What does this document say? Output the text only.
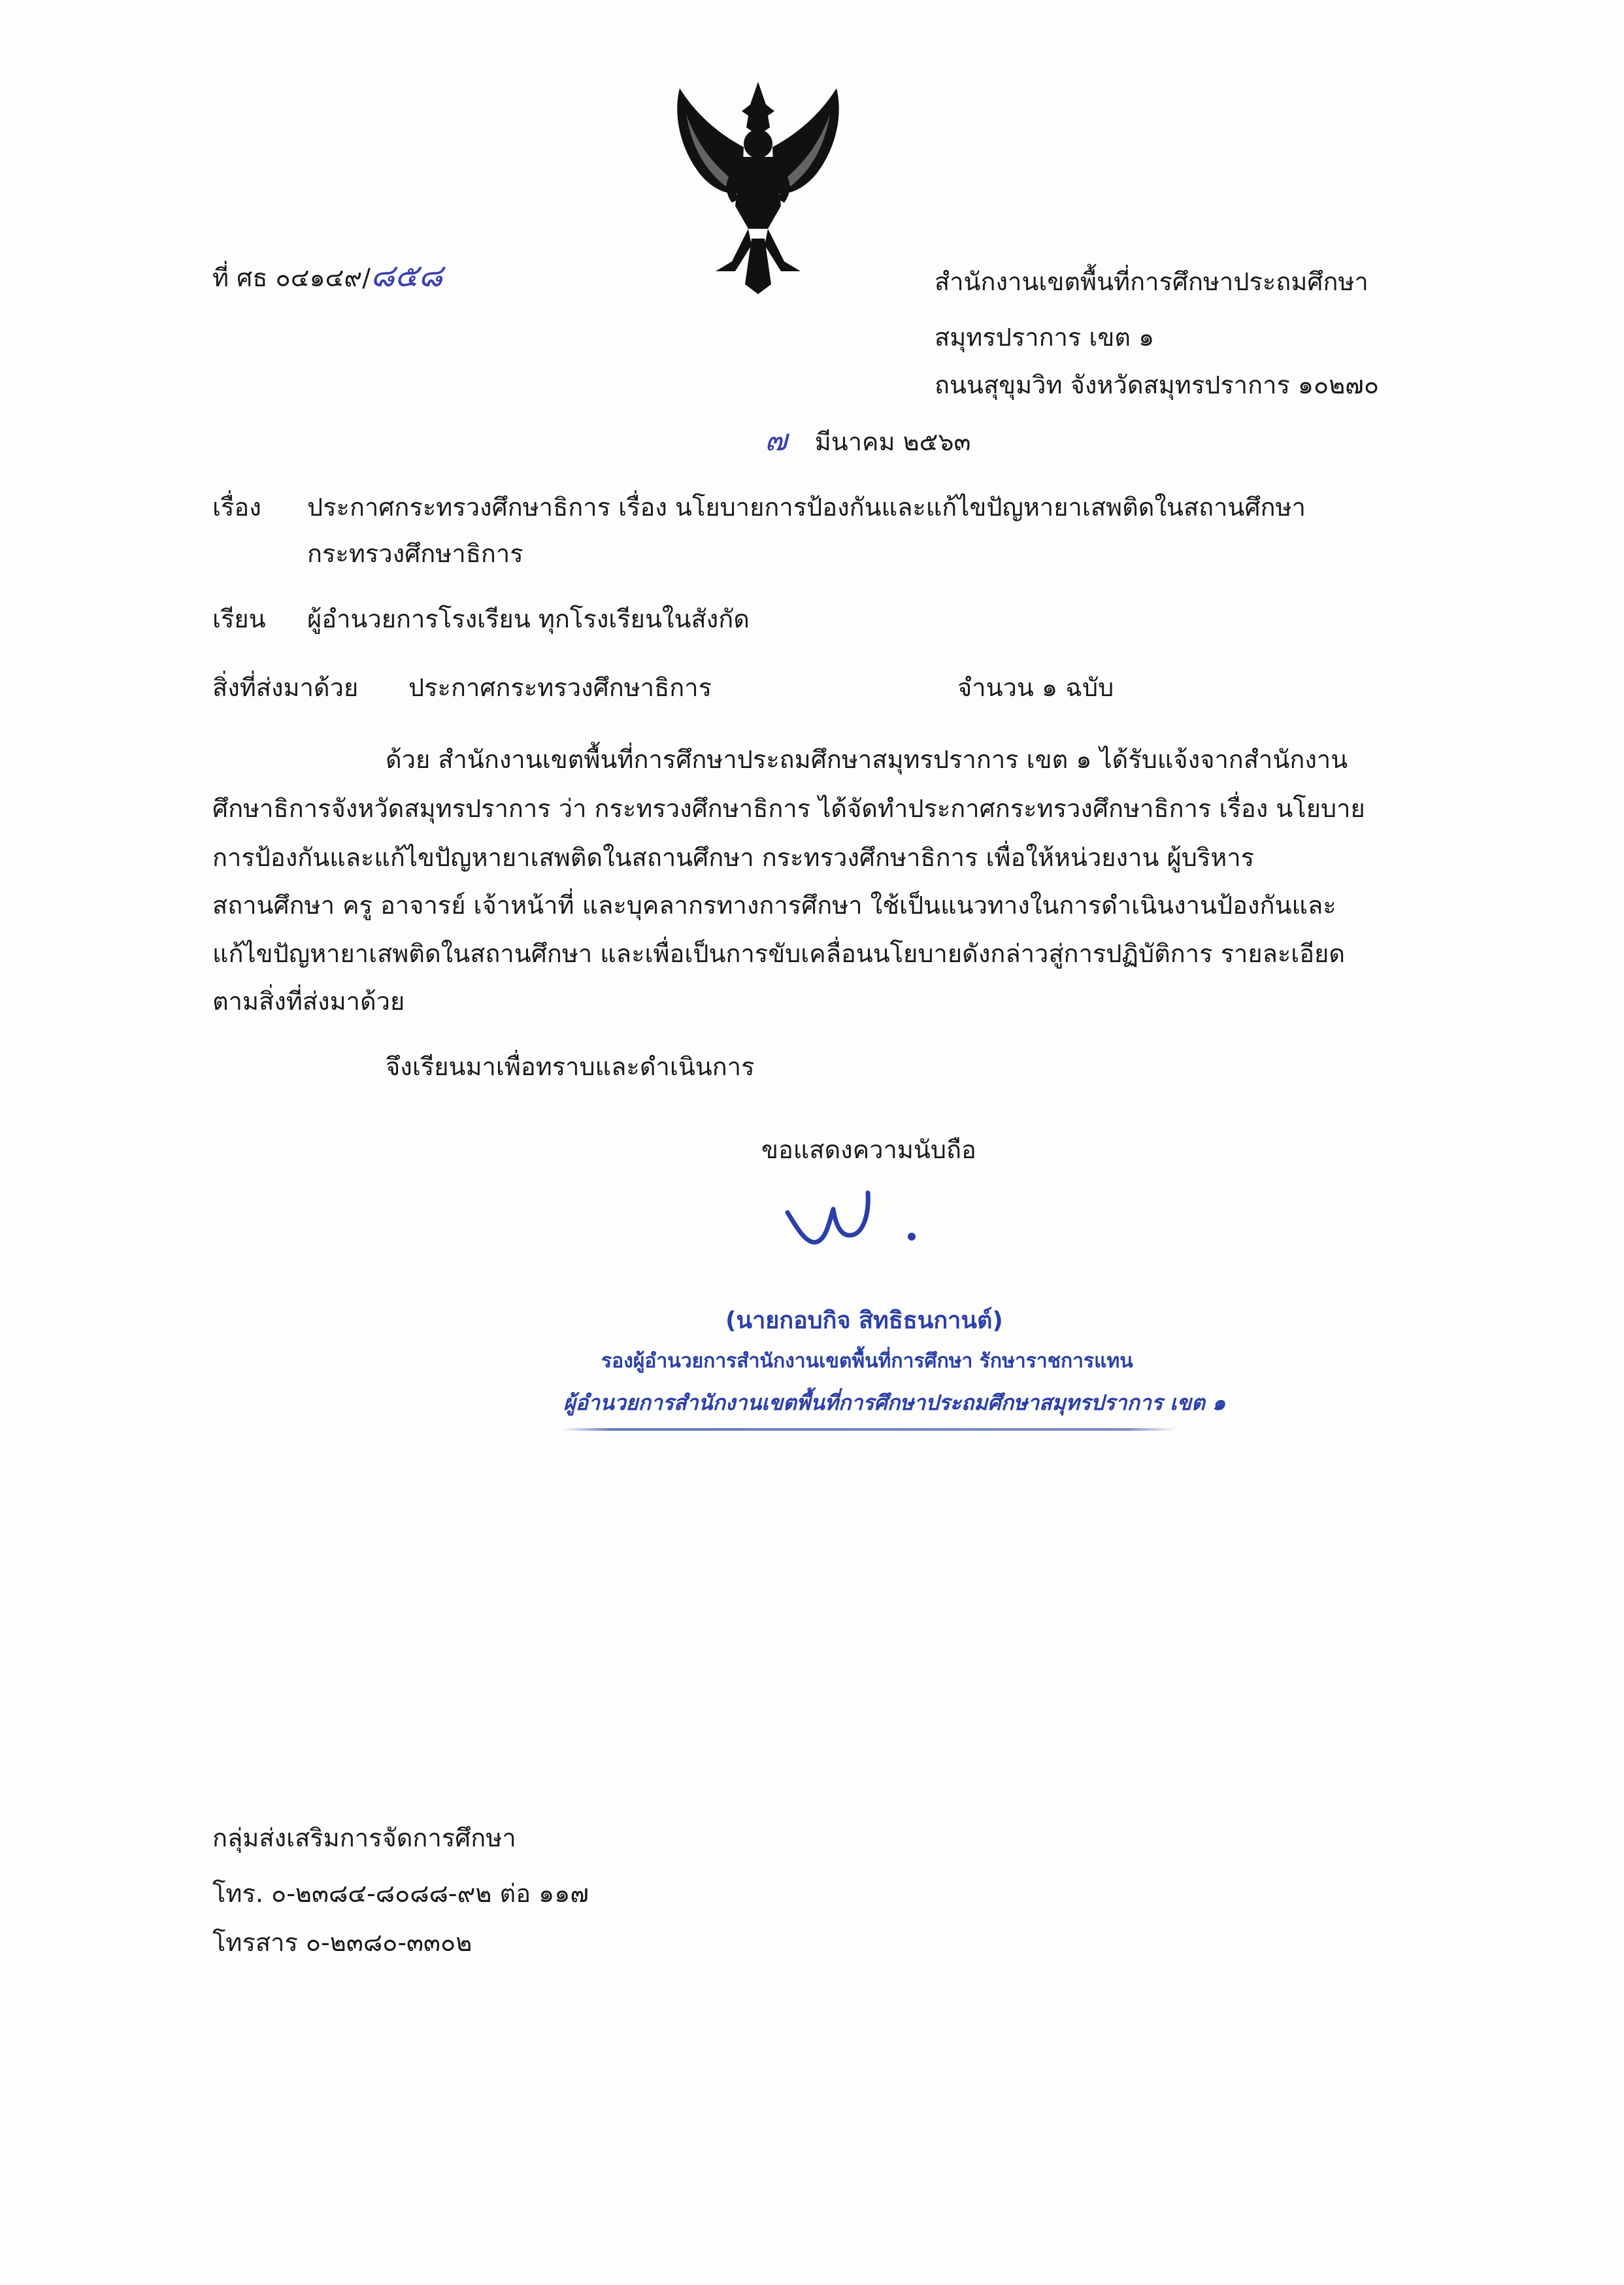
ที่ ศธ ๐๔๑๔๙/๘๕๘	สำนักงานเขตพื้นที่การศึกษาประถมศึกษา
สมุทรปราการ เขต ๑
ถนนสุขุมวิท จังหวัดสมุทรปราการ ๑๐๒๗๐
๗ มีนาคม ๒๕๖๓
เรื่อง ประกาศกระทรวงศึกษาธิการ เรื่อง นโยบายการป้องกันและแก้ไขปัญหายาเสพติดในสถานศึกษา
กระทรวงศึกษาธิการ
เรียน ผู้อำนวยการโรงเรียน ทุกโรงเรียนในสังกัด
สิ่งที่ส่งมาด้วย ประกาศกระทรวงศึกษาธิการ	จำนวน ๑ ฉบับ
ด้วย สำนักงานเขตพื้นที่การศึกษาประถมศึกษาสมุทรปราการ เขต ๑ ได้รับแจ้งจากสำนักงาน
ศึกษาธิการจังหวัดสมุทรปราการ ว่า กระทรวงศึกษาธิการ ได้จัดทำประกาศกระทรวงศึกษาธิการ เรื่อง นโยบาย
การป้องกันและแก้ไขปัญหายาเสพติดในสถานศึกษา กระทรวงศึกษาธิการ เพื่อให้หน่วยงาน ผู้บริหาร
สถานศึกษา ครู อาจารย์ เจ้าหน้าที่ และบุคลากรทางการศึกษา ใช้เป็นแนวทางในการดำเนินงานป้องกันและ
แก้ไขปัญหายาเสพติดในสถานศึกษา และเพื่อเป็นการขับเคลื่อนนโยบายดังกล่าวสู่การปฏิบัติการ รายละเอียด
ตามสิ่งที่ส่งมาด้วย
จึงเรียนมาเพื่อทราบและดำเนินการ
ขอแสดงความนับถือ
(นายกอบกิจ สิทธิธนกานต์)
รองผู้อำนวยการสำนักงานเขตพื้นที่การศึกษา รักษาราชการแทน
ผู้อำนวยการสำนักงานเขตพื้นที่การศึกษาประถมศึกษาสมุทรปราการ เขต ๑
กลุ่มส่งเสริมการจัดการศึกษา
โทร. ๐-๒๓๘๔-๘๐๘๘-๙๒ ต่อ ๑๑๗
โทรสาร ๐-๒๓๘๐-๓๓๐๒
